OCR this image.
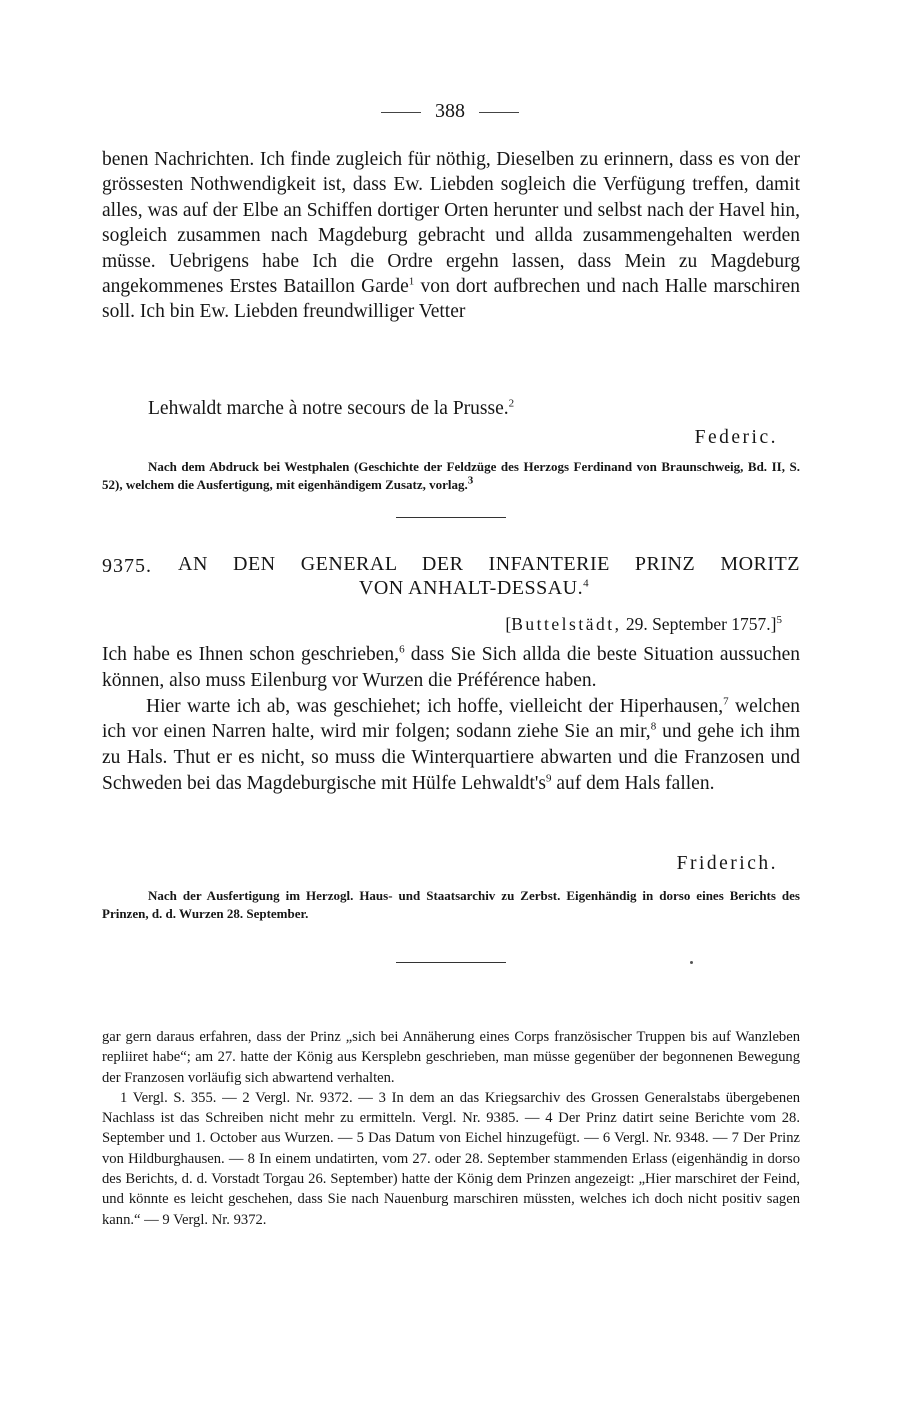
388

benen Nachrichten. Ich finde zugleich für nöthig, Dieselben zu erinnern, dass es von der grössesten Nothwendigkeit ist, dass Ew. Liebden sogleich die Verfügung treffen, damit alles, was auf der Elbe an Schiffen dortiger Orten herunter und selbst nach der Havel hin, sogleich zusammen nach Magdeburg gebracht und allda zusammengehalten werden müsse. Uebrigens habe Ich die Ordre ergehn lassen, dass Mein zu Magdeburg angekommenes Erstes Bataillon Garde$^1$ von dort aufbrechen und nach Halle marschiren soll. Ich bin Ew. Liebden freundwilliger Vetter

Lehwaldt marche à notre secours de la Prusse.$^2$
Federic.
Nach dem Abdruck bei Westphalen (Geschichte der Feldzüge des Herzogs Ferdinand von Braunschweig, Bd. II, S. 52), welchem die Ausfertigung, mit eigenhändigem Zusatz, vorlag.$^3$
9375. AN DEN GENERAL DER INFANTERIE PRINZ MORITZ
VON ANHALT-DESSAU.$^4$
[Buttelstädt, 29. September 1757.]$^5$

Ich habe es Ihnen schon geschrieben,$^6$ dass Sie Sich allda die beste Situation aussuchen können, also muss Eilenburg vor Wurzen die Préférence haben.

Hier warte ich ab, was geschiehet; ich hoffe, vielleicht der Hiperhausen,$^7$ welchen ich vor einen Narren halte, wird mir folgen; sodann ziehe Sie an mir,$^8$ und gehe ich ihm zu Hals. Thut er es nicht, so muss die Winterquartiere abwarten und die Franzosen und Schweden bei das Magdeburgische mit Hülfe $Lehwaldt's^9$ auf dem Hals fallen.

Friderich.
Nach der Ausfertigung im Herzogl. Haus- und Staatsarchiv zu Zerbst. Eigenhändig in dorso eines Berichts des Prinzen, d. d. Wurzen 28. September.

gar gern daraus erfahren, dass der Prinz „sich bei Annäherung eines Corps französischer Truppen bis auf Wanzleben repliiret habe“; am 27. hatte der König aus Kersplebn geschrieben, man müsse gegenüber der begonnenen Bewegung der Franzosen vorläufig sich abwartend verhalten.

1 Vergl. S. 355. — 2 Vergl. Nr. 9372. — 3 In dem an das Kriegsarchiv des Grossen Generalstabs übergebenen Nachlass ist das Schreiben nicht mehr zu ermitteln. Vergl. Nr. 9385. — 4 Der Prinz datirt seine Berichte vom 28. September und 1. October aus Wurzen. — 5 Das Datum von Eichel hinzugefügt. — 6 Vergl. Nr. 9348. — 7 Der Prinz von Hildburghausen. — 8 In einem undatirten, vom 27. oder 28. September stammenden Erlass (eigenhändig in dorso des Berichts, d. d. Vorstadt Torgau 26. September) hatte der König dem Prinzen angezeigt: „Hier marschiret der Feind, und könnte es leicht geschehen, dass Sie nach Nauenburg marschiren müssten, welches ich doch nicht positiv sagen kann.“ — 9 Vergl. Nr. 9372.
